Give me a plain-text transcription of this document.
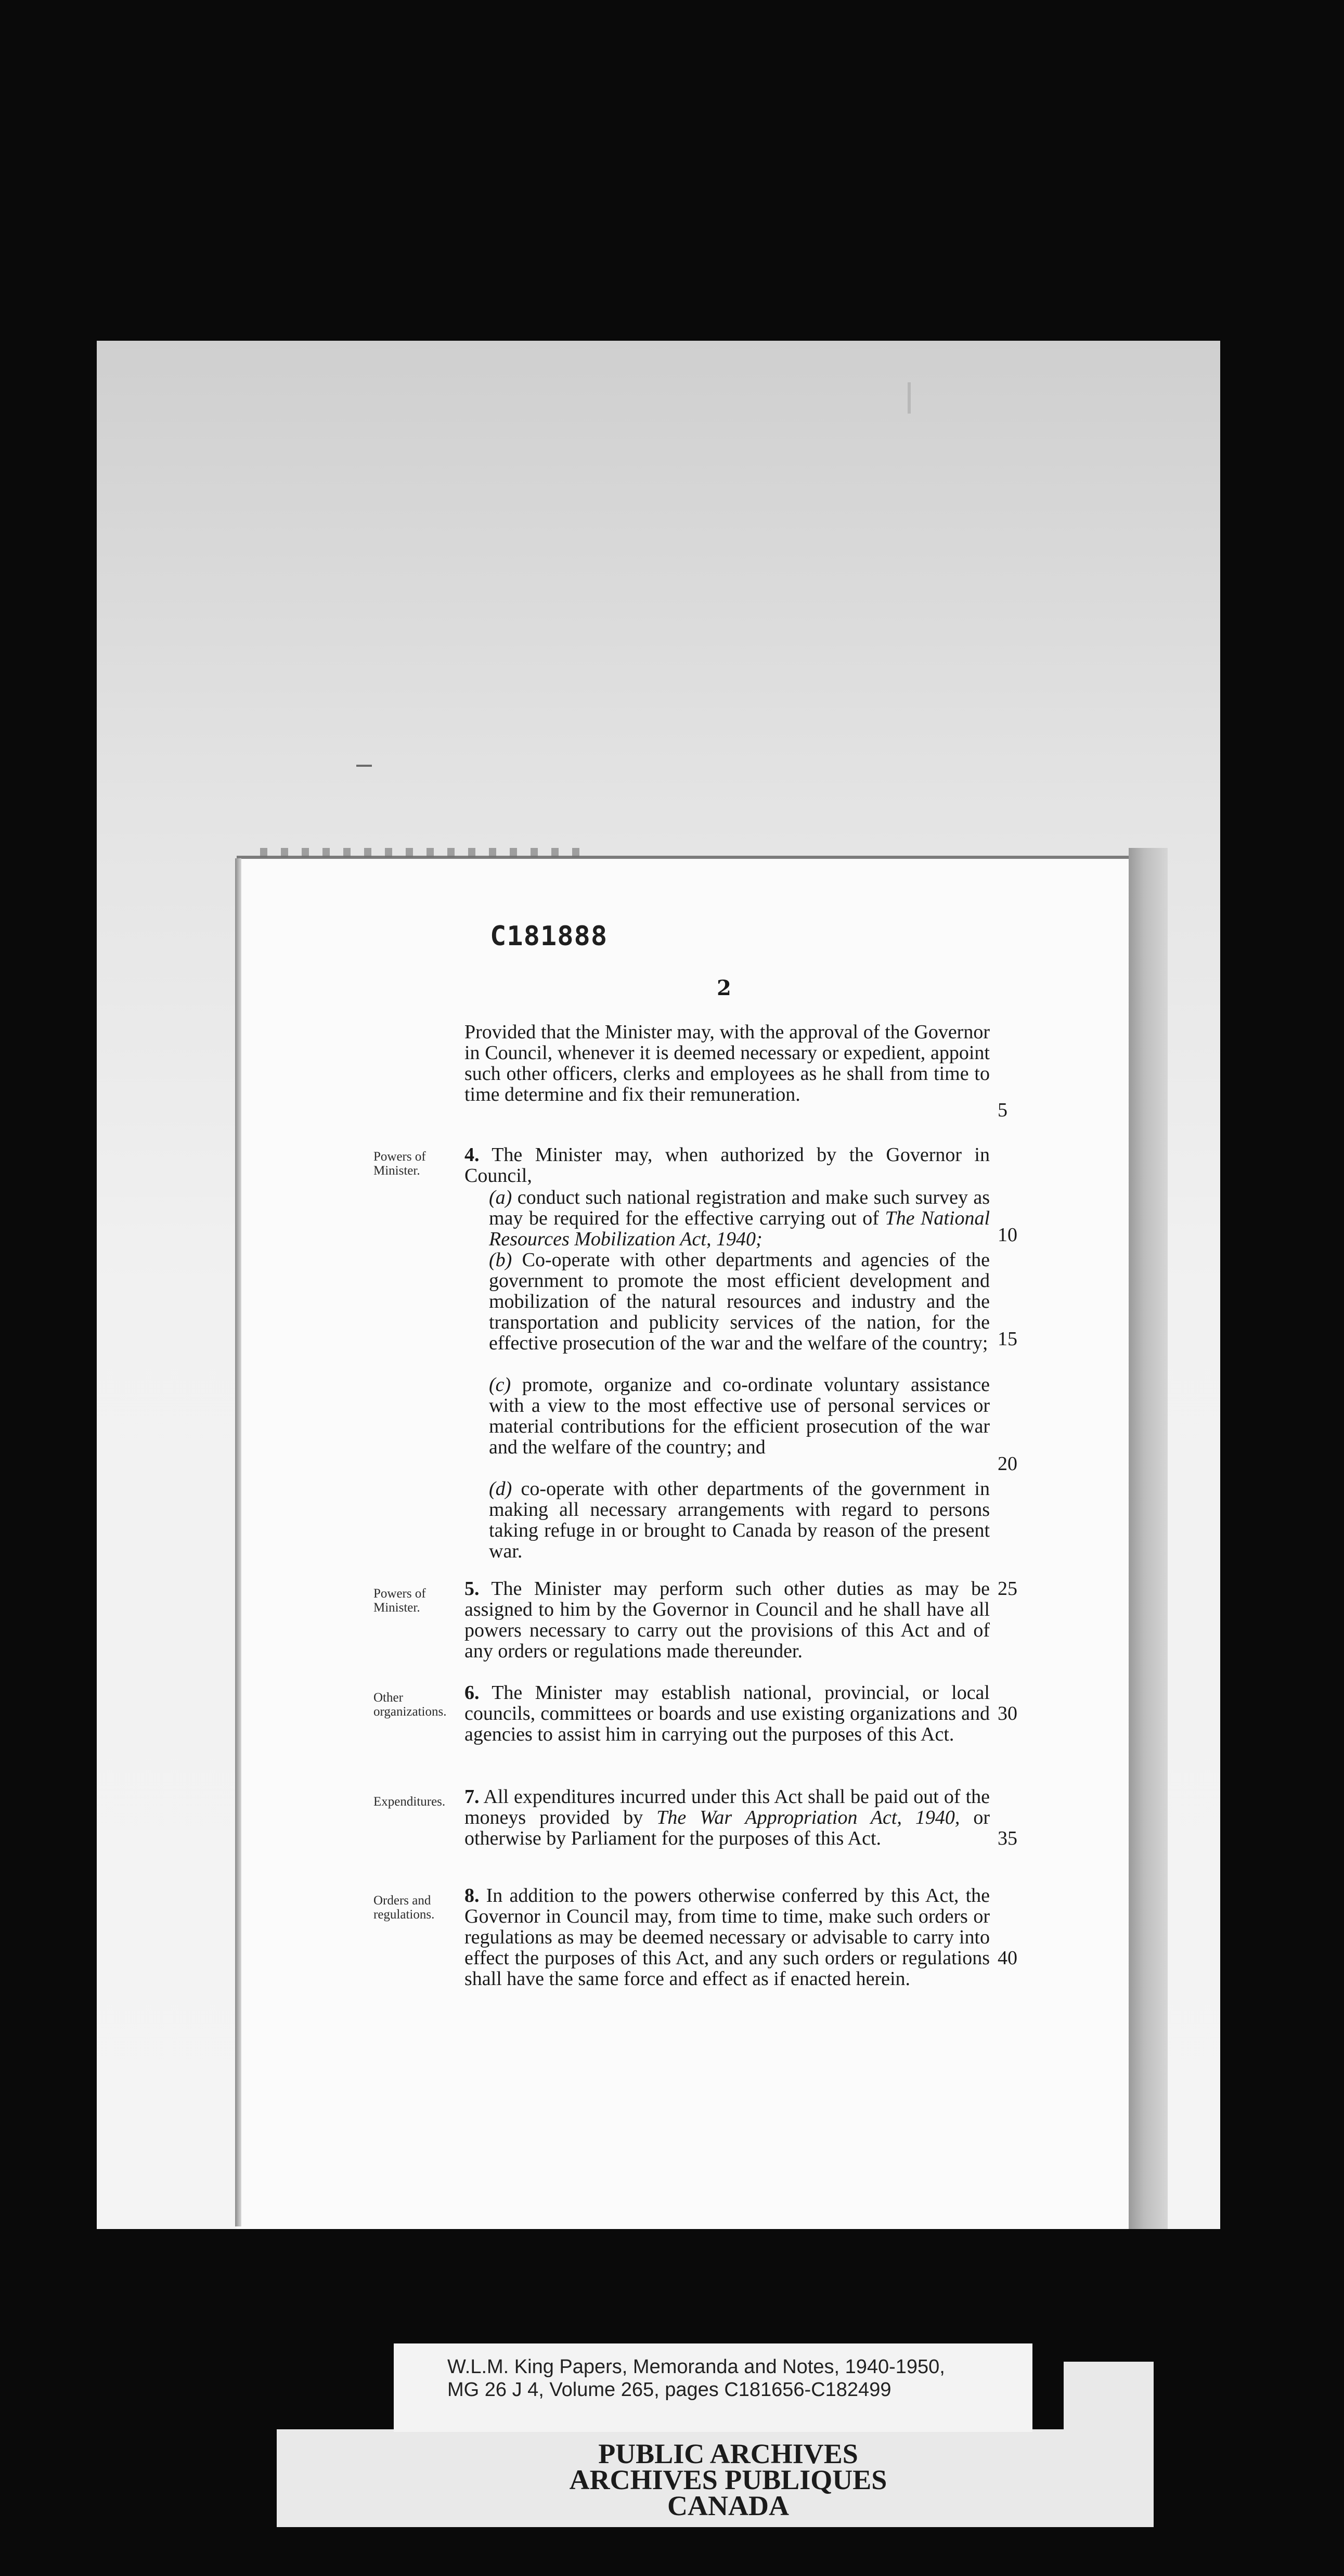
C181888
2
Provided that the Minister may, with the approval of the Governor in Council, whenever it is deemed necessary or expedient, appoint such other officers, clerks and employees as he shall from time to time determine and fix their remuneration.
5
Powers of Minister.
4. The Minister may, when authorized by the Governor in Council,
(a) conduct such national registration and make such survey as may be required for the effective carrying out of The National Resources Mobilization Act, 1940;	10
(b) Co-operate with other departments and agencies of the government to promote the most efficient development and mobilization of the natural resources and industry and the transportation and publicity services of the nation, for the effective prosecution of the war and the welfare of the country; 15
(c) promote, organize and co-ordinate voluntary assistance with a view to the most effective use of personal services or material contributions for the efficient prosecution of the war and the welfare of the country; and
20
(d) co-operate with other departments of the government in making all necessary arrangements with regard to persons taking refuge in or brought to Canada by reason of the present war.
Powers of Minister.
5. The Minister may perform such other duties as may be assigned to him by the Governor in Council and he shall have all powers necessary to carry out the provisions of this Act and of any orders or regulations made thereunder.
25
Other organizations.
6. The Minister may establish national, provincial, or local councils, committees or boards and use existing organizations and agencies to assist him in carrying out the purposes of this Act.
30
Expenditures. 7. All expenditures incurred under this Act shall be paid out of the moneys provided by The War Appropriation Act, 1940, or otherwise by Parliament for the purposes of this Act.	35
Orders and regulations.
8. In addition to the powers otherwise conferred by this Act, the Governor in Council may, from time to time, make such orders or regulations as may be deemed necessary or advisable to carry into effect the purposes of this Act, and any such orders or regulations shall have the same force and effect as if enacted herein.
40
W.L.M. King Papers, Memoranda and Notes, 1940-1950,
MG 26 J 4, Volume 265, pages C181656-C182499
PUBLIC ARCHIVES
ARCHIVES PUBLIQUES
CANADA
